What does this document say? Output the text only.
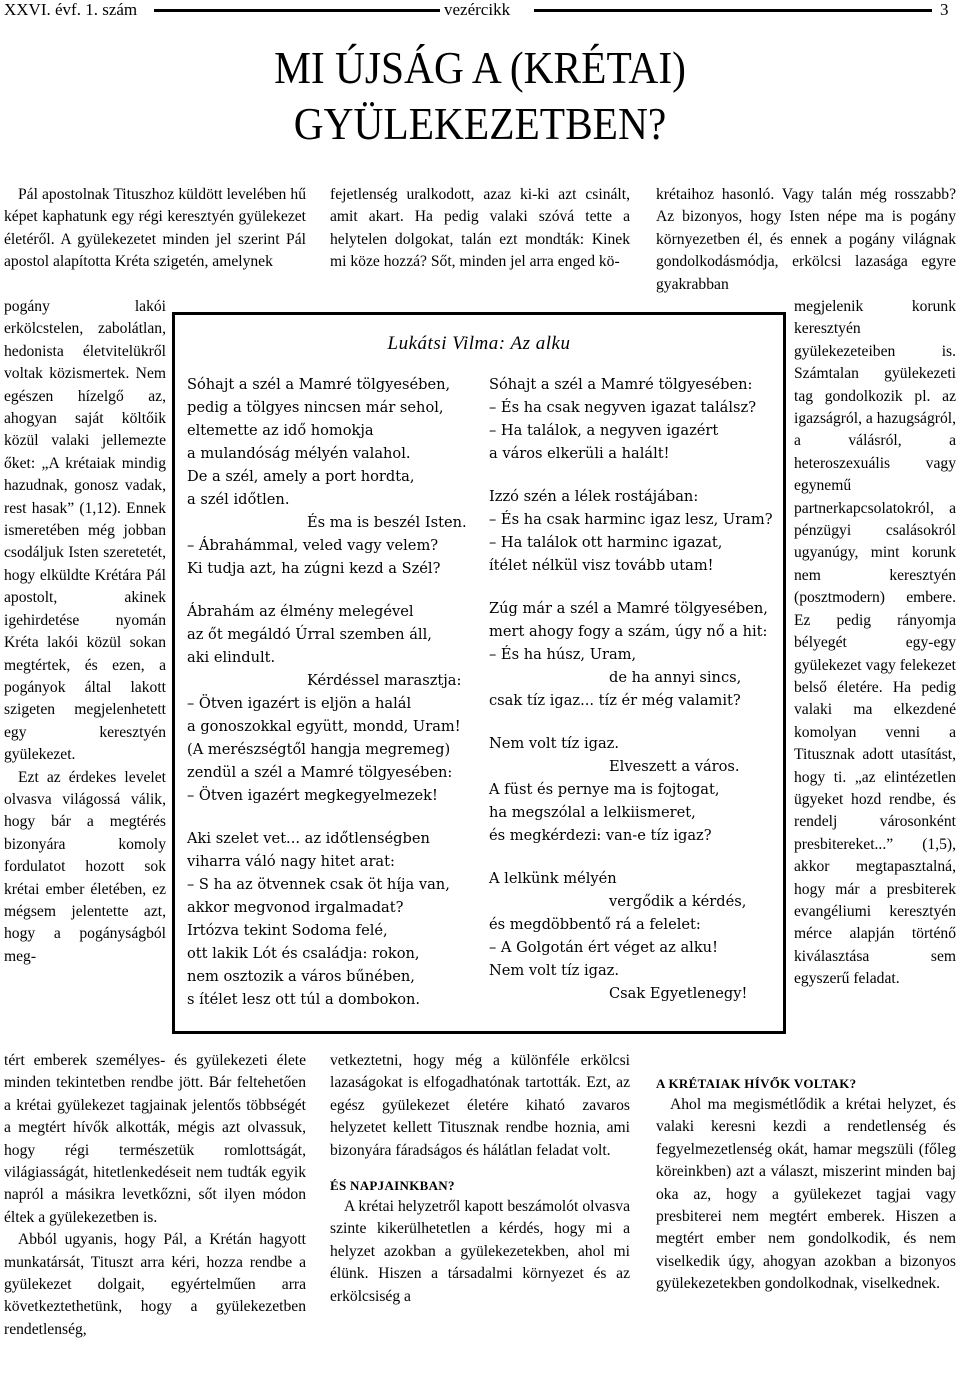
XXVI. évf. 1. szám	vezércikk	3
MI ÚJSÁG A (KRÉTAI)
GYÜLEKEZETBEN?

Pál apostolnak Tituszhoz küldött levelében hű képet kaphatunk egy régi keresztyén gyülekezet életéről. A gyülekezetet minden jel szerint Pál apostol alapította Kréta szigetén, amelynek

pogány lakói erkölcstelen, zabolátlan, hedonista életvitelükről voltak közismertek. Nem egészen hízelgő az, ahogyan saját költőik közül valaki jellemezte őket: „A krétaiak mindig hazudnak, gonosz vadak, rest hasak” (1,12). Ennek ismeretében még jobban csodáljuk Isten szeretetét, hogy elküldte Krétára Pál apostolt, akinek igehirdetése nyomán Kréta lakói közül sokan megtértek, és ezen, a pogányok által lakott szigeten megjelenhetett egy keresztyén gyülekezet.

Ezt az érdekes levelet olvasva világossá válik, hogy bár a megtérés bizonyára komoly fordulatot hozott sok krétai ember életében, ez mégsem jelentette azt, hogy a pogányságból meg-

tért emberek személyes- és gyülekezeti élete minden tekintetben rendbe jött. Bár feltehetően a krétai gyülekezet tagjainak jelentős többségét a megtért hívők alkották, mégis azt olvassuk, hogy régi természetük romlottságát, világiasságát, hitetlenkedéseit nem tudták egyik napról a másikra levetkőzni, sőt ilyen módon éltek a gyülekezetben is.

Abból ugyanis, hogy Pál, a Krétán hagyott munkatársát, Tituszt arra kéri, hozza rendbe a gyülekezet dolgait, egyértelműen arra következtethetünk, hogy a gyülekezetben rendetlenség,

fejetlenség uralkodott, azaz ki-ki azt csinált, amit akart. Ha pedig valaki szóvá tette a helytelen dolgokat, talán ezt mondták: Kinek mi köze hozzá? Sőt, minden jel arra enged kö-

vetkeztetni, hogy még a különféle erkölcsi lazaságokat is elfogadhatónak tartották. Ezt, az egész gyülekezet életére kiható zavaros helyzetet kellett Titusznak rendbe hoznia, ami bizonyára fáradságos és hálátlan feladat volt.

ÉS NAPJAINKBAN?

A krétai helyzetről kapott beszámolót olvasva szinte kikerülhetetlen a kérdés, hogy mi a helyzet azokban a gyülekezetekben, ahol mi élünk. Hiszen a társadalmi környezet és az erkölcsiség a

krétaihoz hasonló. Vagy talán még rosszabb? Az bizonyos, hogy Isten népe ma is pogány környezetben él, és ennek a pogány világnak gondolkodásmódja, erkölcsi lazasága egyre gyakrabban

megjelenik korunk keresztyén gyülekezeteiben is. Számtalan gyülekezeti tag gondolkozik pl. az igazságról, a hazugságról, a válásról, a heteroszexuális vagy egynemű partnerkapcsolatokról, a pénzügyi csalásokról ugyanúgy, mint korunk nem keresztyén (posztmodern) embere. Ez pedig rányomja bélyegét egy-egy gyülekezet vagy felekezet belső életére. Ha pedig valaki ma elkezdené komolyan venni a Titusznak adott utasítást, hogy ti. „az elintézetlen ügyeket hozd rendbe, és rendelj városonként presbitereket...” (1,5), akkor megtapasztalná, hogy már a presbiterek evangéliumi keresztyén mérce alapján történő kiválasztása sem egyszerű feladat.

A KRÉTAIAK HÍVŐK VOLTAK?

Ahol ma megismétlődik a krétai helyzet, és valaki keresni kezdi a rendetlenség és fegyelmezetlenség okát, hamar megszüli (főleg köreinkben) azt a választ, miszerint minden baj oka az, hogy a gyülekezet tagjai vagy presbiterei nem megtért emberek. Hiszen a megtért ember nem gondolkodik, és nem viselkedik úgy, ahogyan azokban a bizonyos gyülekezetekben gondolkodnak, viselkednek.

Lukátsi Vilma: Az alku
Sóhajt a szél a Mamré tölgyesében,
pedig a tölgyes nincsen már sehol,
eltemette az idő homokja
a mulandóság mélyén valahol.
De a szél, amely a port hordta,
a szél időtlen.
És ma is beszél Isten.
– Ábrahámmal, veled vagy velem?
Ki tudja azt, ha zúgni kezd a Szél?
Ábrahám az élmény melegével
az őt megáldó Úrral szemben áll,
aki elindult.
Kérdéssel marasztja:
– Ötven igazért is eljön a halál
a gonoszokkal együtt, mondd, Uram!
(A merészségtől hangja megremeg)
zendül a szél a Mamré tölgyesében:
– Ötven igazért megkegyelmezek!
Aki szelet vet... az időtlenségben
viharra váló nagy hitet arat:
– S ha az ötvennek csak öt híja van,
akkor megvonod irgalmadat?
Irtózva tekint Sodoma felé,
ott lakik Lót és családja: rokon,
nem osztozik a város bűnében,
s ítélet lesz ott túl a dombokon.
Sóhajt a szél a Mamré tölgyesében:
– És ha csak negyven igazat találsz?
– Ha találok, a negyven igazért
a város elkerüli a halált!
Izzó szén a lélek rostájában:
– És ha csak harminc igaz lesz, Uram?
– Ha találok ott harminc igazat,
ítélet nélkül visz tovább utam!
Zúg már a szél a Mamré tölgyesében,
mert ahogy fogy a szám, úgy nő a hit:
– És ha húsz, Uram,
de ha annyi sincs,
csak tíz igaz... tíz ér még valamit?
Nem volt tíz igaz.
Elveszett a város.
A füst és pernye ma is fojtogat,
ha megszólal a lelkiismeret,
és megkérdezi: van-e tíz igaz?
A lelkünk mélyén
vergődik a kérdés,
és megdöbbentő rá a felelet:
– A Golgotán ért véget az alku!
Nem volt tíz igaz.
Csak Egyetlenegy!
